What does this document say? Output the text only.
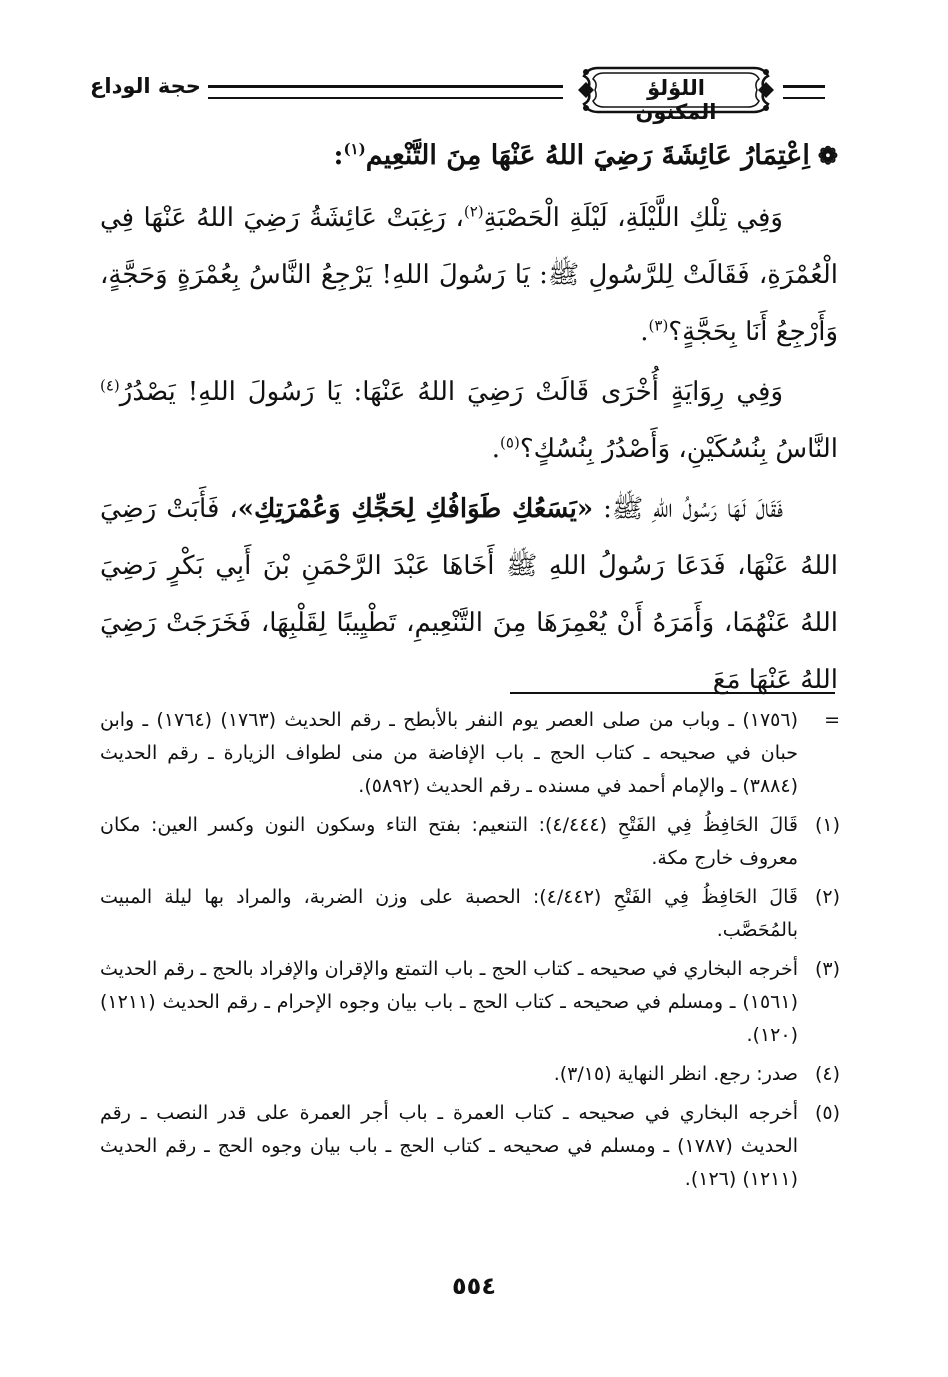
حجة الوداع	اللؤلؤ المكنون
❁اِعْتِمَارُ عَائِشَةَ رَضِيَ اللهُ عَنْهَا مِنَ التَّنْعِيم$^{(١)}$:

وَفِي تِلْكِ اللَّيْلَةِ، لَيْلَةِ الْحَصْبَةِ$^{(٢)}$، رَغِبَتْ عَائِشَةُ رَضِيَ اللهُ عَنْهَا فِي الْعُمْرَةِ، فَقَالَتْ لِلرَّسُولِ ﷺ: يَا رَسُولَ اللهِ! يَرْجِعُ النَّاسُ بِعُمْرَةٍ وَحَجَّةٍ، وَأَرْجِعُ أَنَا بِحَجَّةٍ؟$^{(٣)}$.

وَفِي رِوَايَةٍ أُخْرَى قَالَتْ رَضِيَ اللهُ عَنْهَا: يَا رَسُولَ اللهِ! يَصْدُرُ$^{(٤)}$ النَّاسُ بِنُسُكَيْنِ، وَأَصْدُرُ بِنُسُكٍ؟$^{(٥)}$.

فَقَالَ لَهَا رَسُولُ اللهِ ﷺ: «يَسَعُكِ طَوَافُكِ لِحَجِّكِ وَعُمْرَتِكِ»، فَأَبَتْ رَضِيَ اللهُ عَنْهَا، فَدَعَا رَسُولُ اللهِ ﷺ أَخَاهَا عَبْدَ الرَّحْمَنِ بْنَ أَبِي بَكْرٍ رَضِيَ اللهُ عَنْهُمَا، وَأَمَرَهُ أَنْ يُعْمِرَهَا مِنَ التَّنْعِيمِ، تَطْيِيبًا لِقَلْبِهَا، فَخَرَجَتْ رَضِيَ اللهُ عَنْهَا مَعَ

=
(١٧٥٦) ـ وباب من صلى العصر يوم النفر بالأبطح ـ رقم الحديث (١٧٦٣) (١٧٦٤) ـ وابن حبان في صحيحه ـ كتاب الحج ـ باب الإفاضة من منى لطواف الزيارة ـ رقم الحديث (٣٨٨٤) ـ والإمام أحمد في مسنده ـ رقم الحديث (٥٨٩٢).
(١)
قَالَ الحَافِظُ فِي الفَتْحِ (٤/٤٤٤): التنعيم: بفتح التاء وسكون النون وكسر العين: مكان معروف خارج مكة.
(٢)
قَالَ الحَافِظُ فِي الفَتْحِ (٤/٤٤٢): الحصبة على وزن الضربة، والمراد بها ليلة المبيت بالمُحَصَّب.
(٣)
أخرجه البخاري في صحيحه ـ كتاب الحج ـ باب التمتع والإقران والإفراد بالحج ـ رقم الحديث (١٥٦١) ـ ومسلم في صحيحه ـ كتاب الحج ـ باب بيان وجوه الإحرام ـ رقم الحديث (١٢١١) (١٢٠).
(٤)
صدر: رجع. انظر النهاية (٣/١٥).
(٥)
أخرجه البخاري في صحيحه ـ كتاب العمرة ـ باب أجر العمرة على قدر النصب ـ رقم الحديث (١٧٨٧) ـ ومسلم في صحيحه ـ كتاب الحج ـ باب بيان وجوه الحج ـ رقم الحديث (١٢١١) (١٢٦).
٥٥٤
